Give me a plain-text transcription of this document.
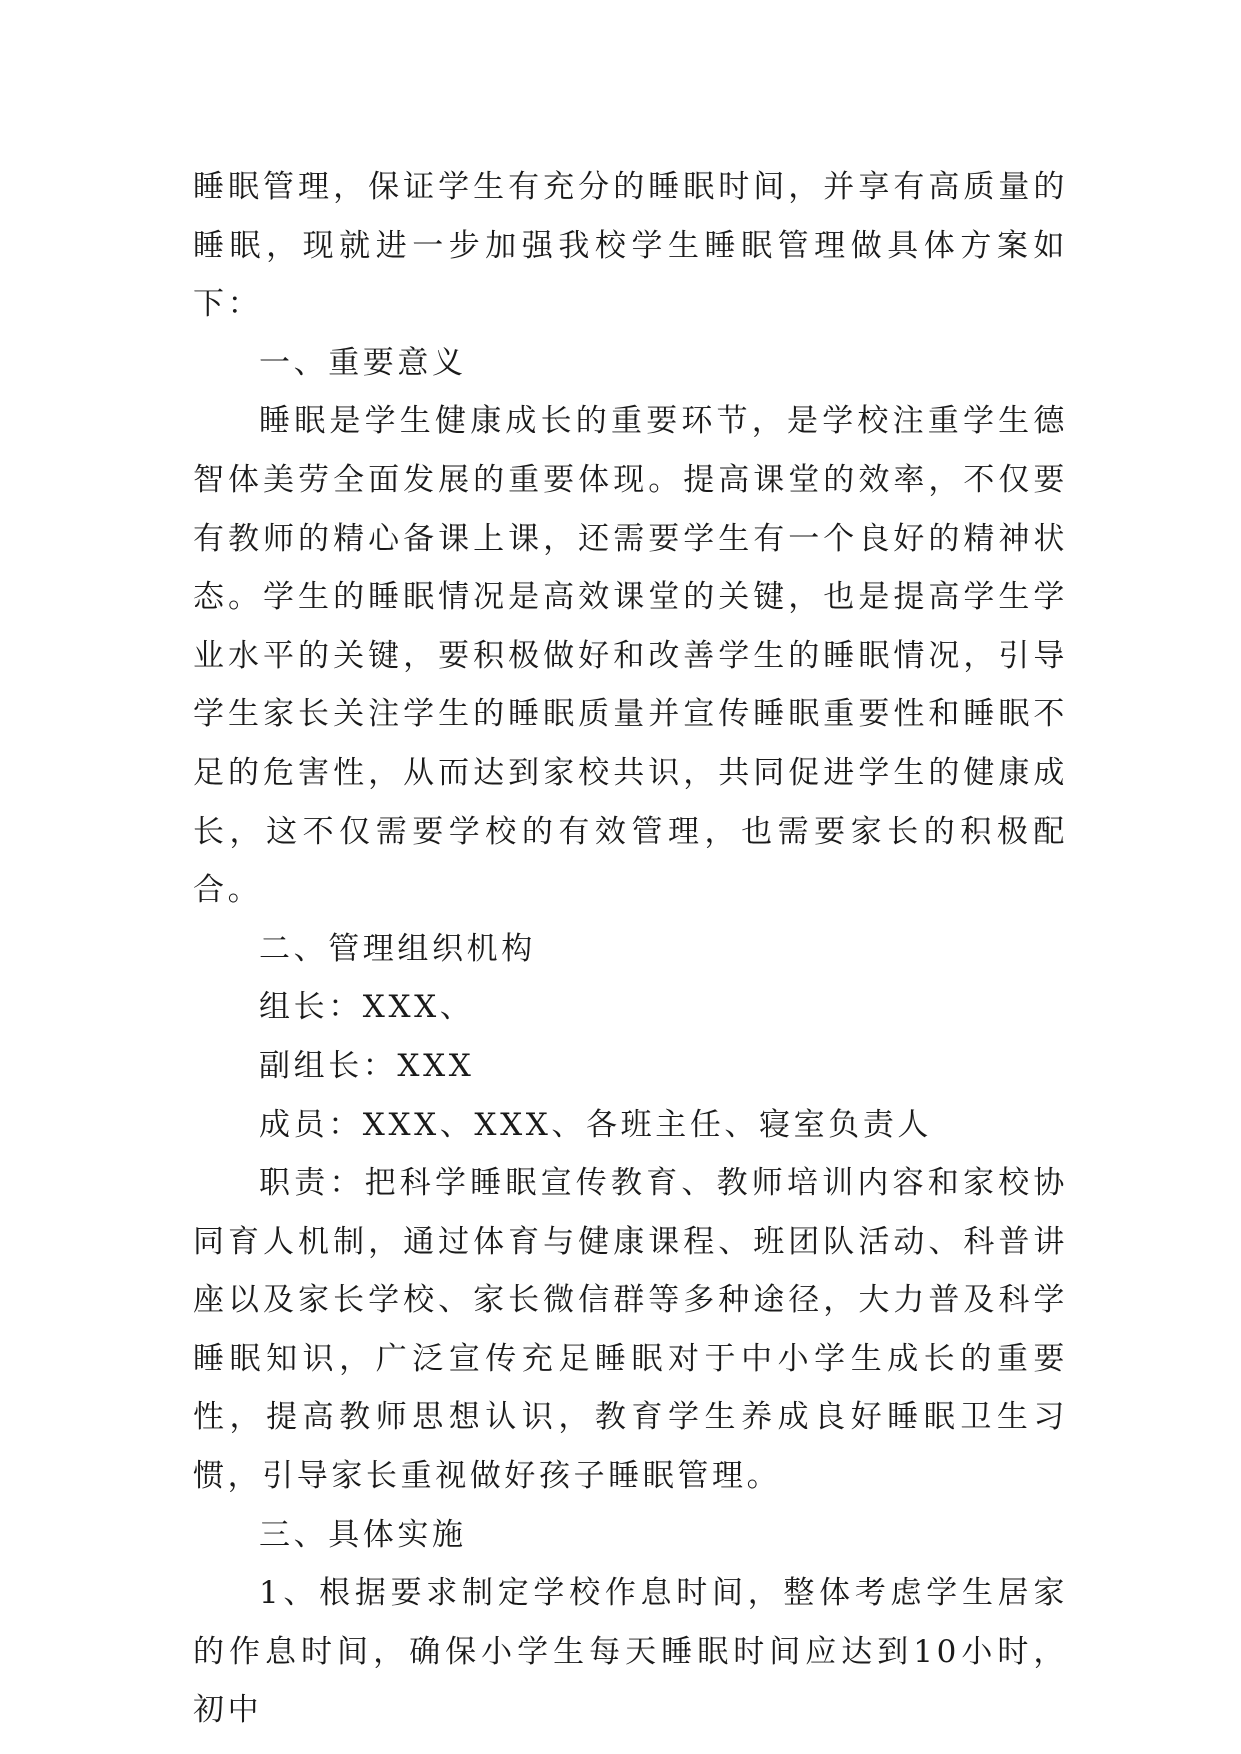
睡眠管理，保证学生有充分的睡眠时间，并享有高质量的睡眠，现就进一步加强我校学生睡眠管理做具体方案如下：

一、重要意义

睡眠是学生健康成长的重要环节，是学校注重学生德智体美劳全面发展的重要体现。提高课堂的效率，不仅要有教师的精心备课上课，还需要学生有一个良好的精神状态。学生的睡眠情况是高效课堂的关键，也是提高学生学业水平的关键，要积极做好和改善学生的睡眠情况，引导学生家长关注学生的睡眠质量并宣传睡眠重要性和睡眠不足的危害性，从而达到家校共识，共同促进学生的健康成长，这不仅需要学校的有效管理，也需要家长的积极配合。

二、管理组织机构

组长：XXX、

副组长：XXX

成员：XXX、XXX、各班主任、寝室负责人

职责：把科学睡眠宣传教育、教师培训内容和家校协同育人机制，通过体育与健康课程、班团队活动、科普讲座以及家长学校、家长微信群等多种途径，大力普及科学睡眠知识，广泛宣传充足睡眠对于中小学生成长的重要性，提高教师思想认识，教育学生养成良好睡眠卫生习惯，引导家长重视做好孩子睡眠管理。

三、具体实施

1、根据要求制定学校作息时间，整体考虑学生居家的作息时间，确保小学生每天睡眠时间应达到10小时，初中
